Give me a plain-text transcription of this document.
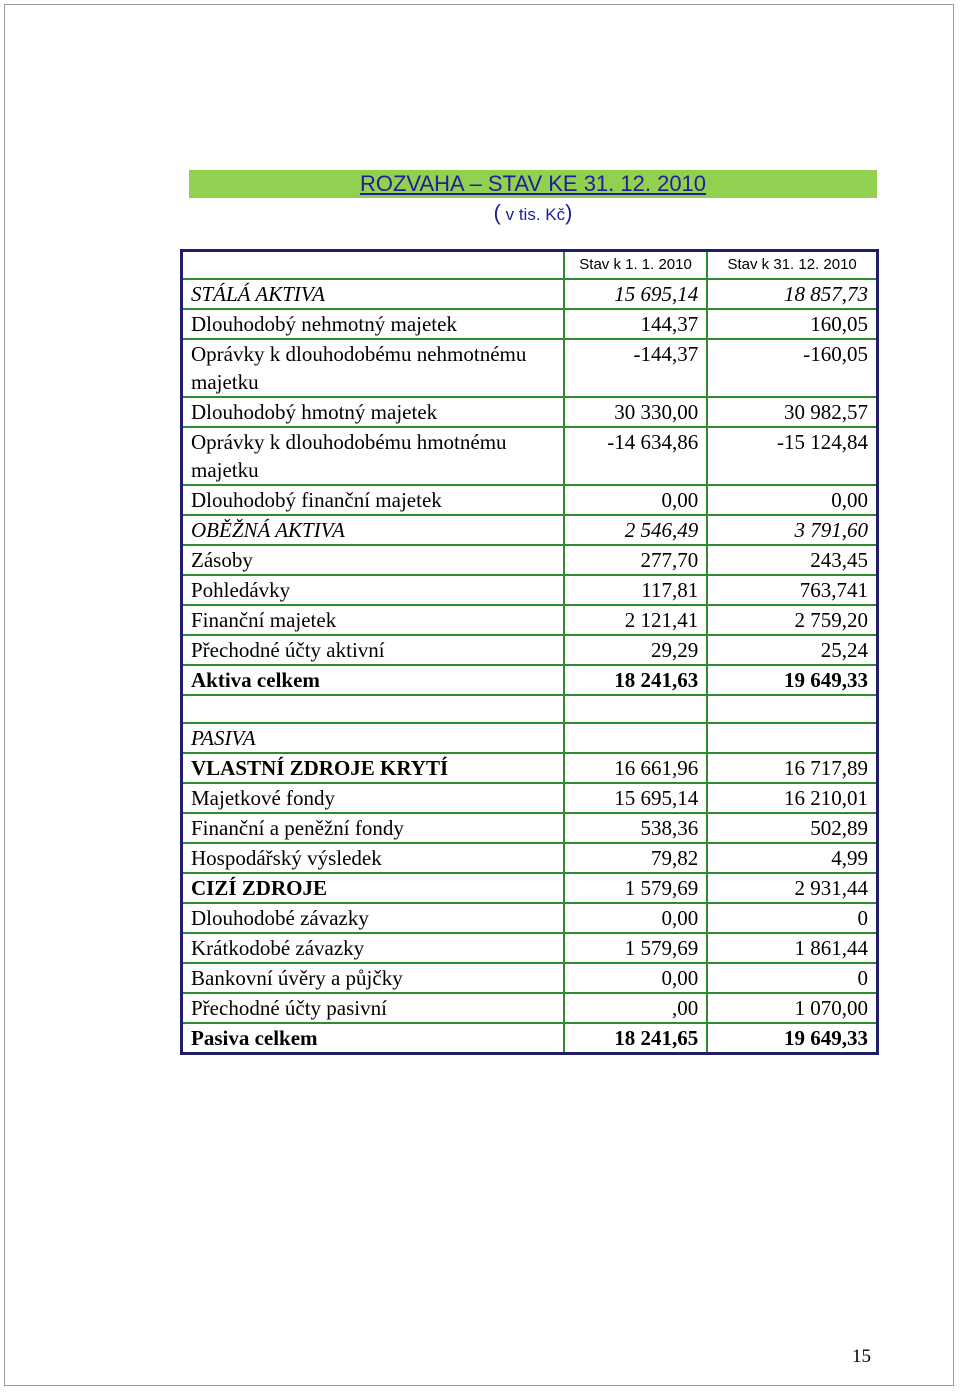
ROZVAHA – STAV KE 31. 12. 2010
( v tis. Kč)
	Stav k 1. 1. 2010	Stav k 31. 12. 2010
STÁLÁ AKTIVA	15 695,14	18 857,73
Dlouhodobý nehmotný majetek	144,37	160,05
Oprávky k dlouhodobému nehmotnému majetku	-144,37	-160,05
Dlouhodobý hmotný majetek	30 330,00	30 982,57
Oprávky k dlouhodobému hmotnému majetku	-14 634,86	-15 124,84
Dlouhodobý finanční majetek	0,00	0,00
OBĚŽNÁ AKTIVA	2 546,49	3 791,60
Zásoby	277,70	243,45
Pohledávky	117,81	763,741
Finanční majetek	2 121,41	2 759,20
Přechodné účty aktivní	29,29	25,24
Aktiva celkem	18 241,63	19 649,33

PASIVA		
VLASTNÍ ZDROJE KRYTÍ	16 661,96	16 717,89
Majetkové fondy	15 695,14	16 210,01
Finanční a peněžní fondy	538,36	502,89
Hospodářský výsledek	79,82	4,99
CIZÍ ZDROJE	1 579,69	2 931,44
Dlouhodobé závazky	0,00	0
Krátkodobé závazky	1 579,69	1 861,44
Bankovní úvěry a půjčky	0,00	0
Přechodné účty pasivní	,00	1 070,00
Pasiva celkem	18 241,65	19 649,33
15
